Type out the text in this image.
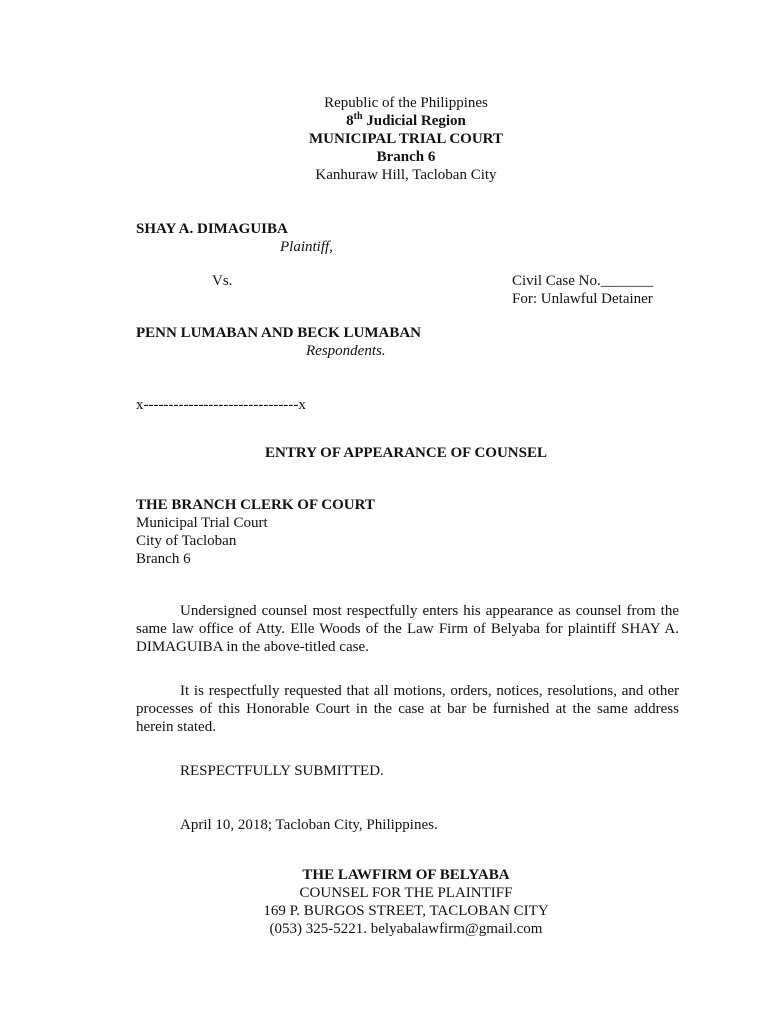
Republic of the Philippines
8th Judicial Region
MUNICIPAL TRIAL COURT
Branch 6
Kanhuraw Hill, Tacloban City
SHAY A. DIMAGUIBA
Plaintiff,
Vs.	Civil Case No._______
For: Unlawful Detainer
PENN LUMABAN AND BECK LUMABAN
Respondents.
x-------------------------------x
ENTRY OF APPEARANCE OF COUNSEL
THE BRANCH CLERK OF COURT
Municipal Trial Court
City of Tacloban
Branch 6
Undersigned counsel most respectfully enters his appearance as counsel from the same law office of Atty. Elle Woods of the Law Firm of Belyaba for plaintiff SHAY A. DIMAGUIBA in the above-titled case.
It is respectfully requested that all motions, orders, notices, resolutions, and other processes of this Honorable Court in the case at bar be furnished at the same address herein stated.
RESPECTFULLY SUBMITTED.
April 10, 2018; Tacloban City, Philippines.
THE LAWFIRM OF BELYABA
COUNSEL FOR THE PLAINTIFF
169 P. BURGOS STREET, TACLOBAN CITY
(053) 325-5221. belyabalawfirm@gmail.com
